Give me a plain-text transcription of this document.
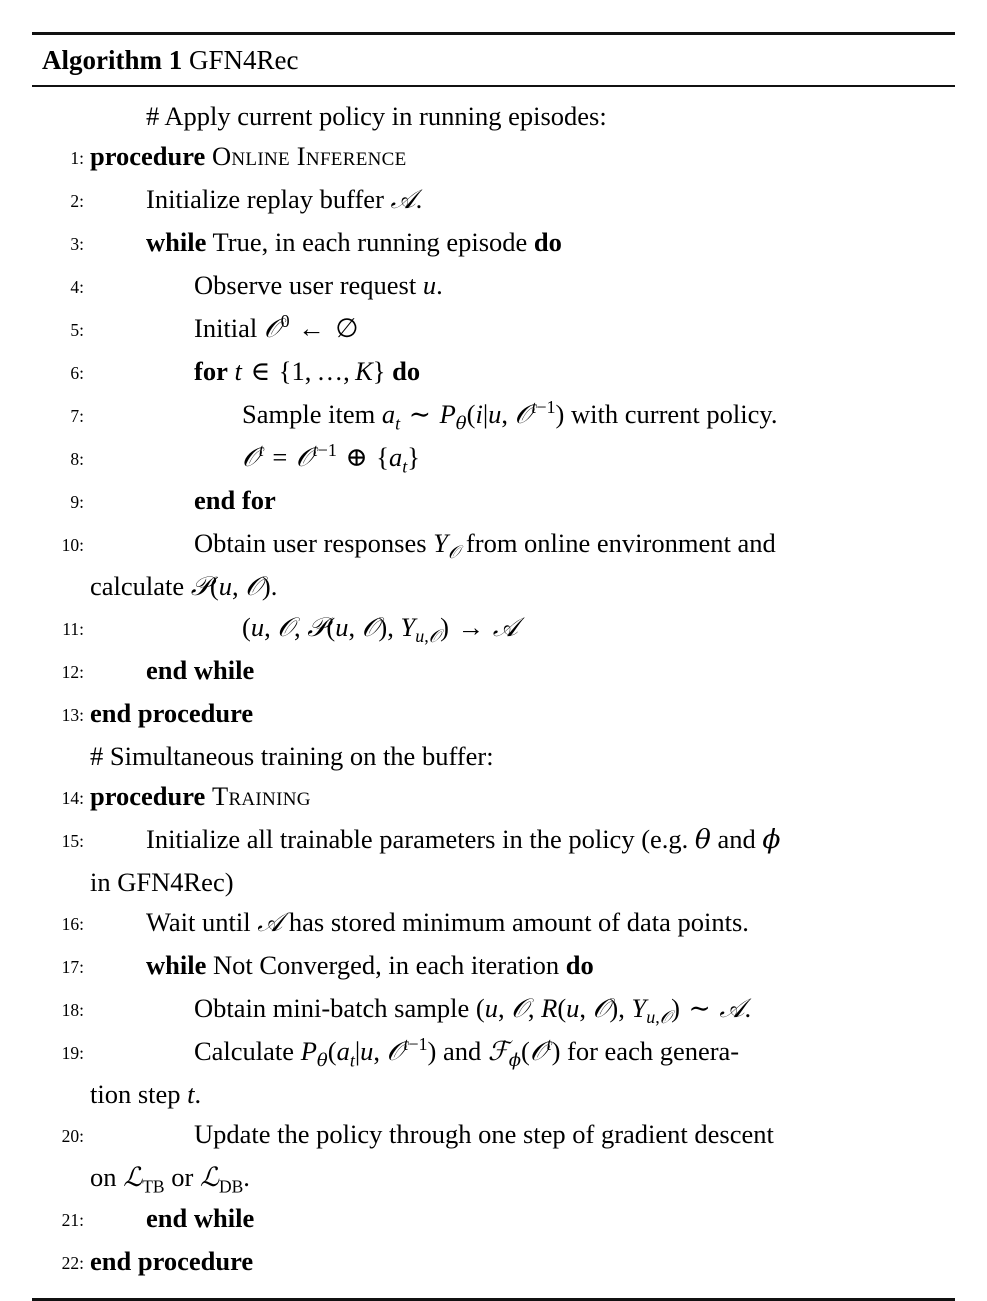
Algorithm 1 GFN4Rec
# Apply current policy in running episodes:
1: procedure Online Inference
2:	Initialize replay buffer 𝒜.
3:	while True, in each running episode do
4:	Observe user request u.
5:	Initial 𝒪$^0$ ← ∅
6:	for t ∈ {1,  …,  K} do
7:	Sample item $a_t$ ∼ $P_\theta(i|u$, 𝒪$^{t-1}$) with current policy.
8:	𝒪$^t$ = 𝒪$^{t-1}$ ⊕ $\{a_t\}$
9:	end for
10:	Obtain user responses $Y_𝒪$ from online environment and
calculate 𝒫(u, 𝒪).
11:	(u, 𝒪, 𝒫(u, 𝒪), $Y_{u,𝒪}$) → 𝒜
12:	end while
13: end procedure
# Simultaneous training on the buffer:
14: procedure Training
15:	Initialize all trainable parameters in the policy (e.g. θ and ϕ
in GFN4Rec)
16:	Wait until 𝒜 has stored minimum amount of data points.
17:	while Not Converged, in each iteration do
18:	Obtain mini-batch sample (u, 𝒪, R(u, 𝒪), $Y_{u,𝒪}$) ∼ 𝒜.
19:	Calculate $P_\theta(a_t|u$, 𝒪$^{t-1}$) and ℱ$_\phi$(𝒪$^t$) for each genera-
tion step t.
20:	Update the policy through one step of gradient descent
on ℒ$_{TB}$ or ℒ$_{DB}$.
21:	end while
22: end procedure
